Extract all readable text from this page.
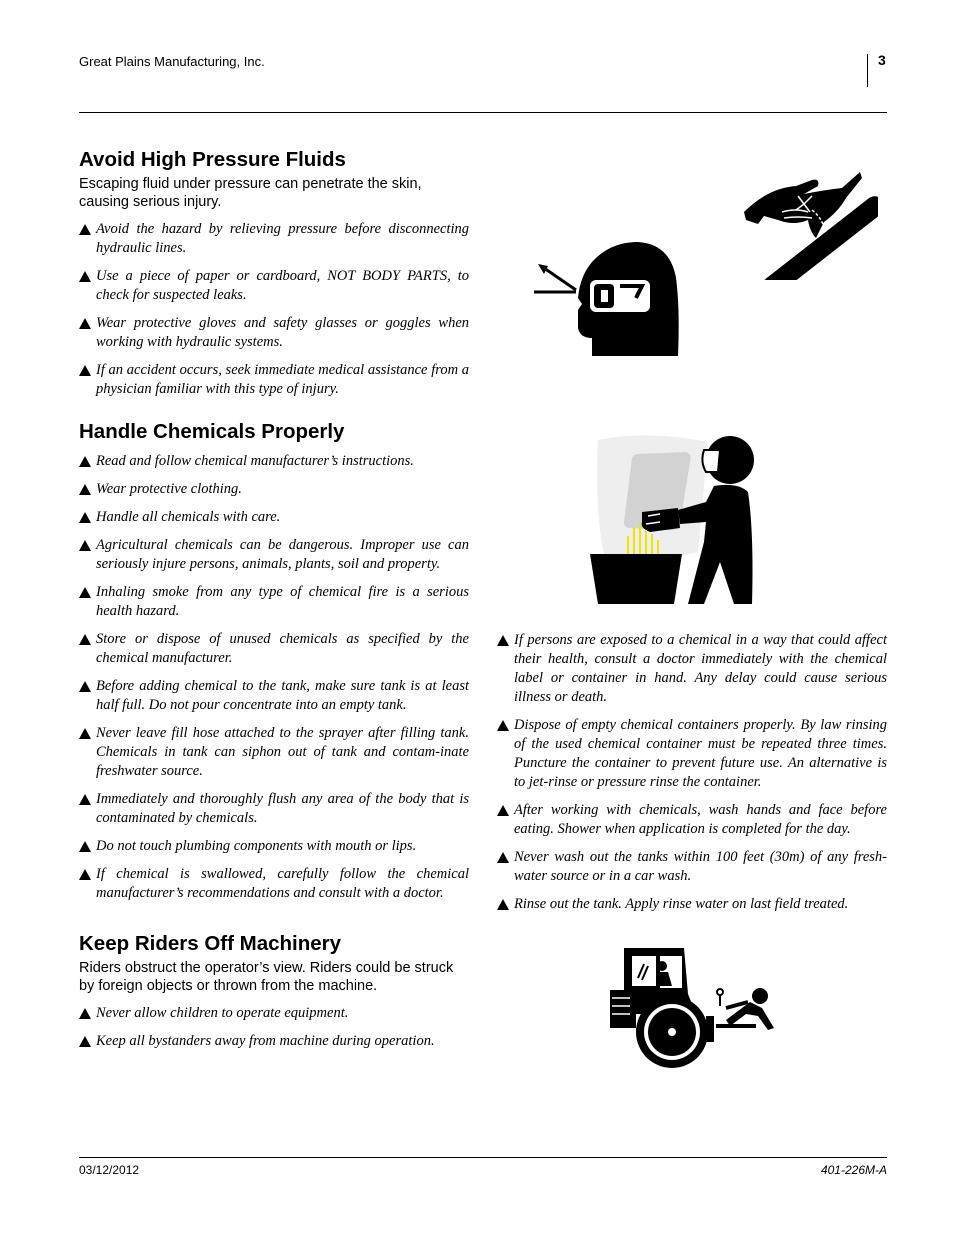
Great Plains Manufacturing, Inc.	3
Avoid High Pressure Fluids

Escaping fluid under pressure can penetrate the skin, causing serious injury.

Avoid the hazard by relieving pressure before disconnecting hydraulic lines.
Use a piece of paper or cardboard, NOT BODY PARTS, to check for suspected leaks.
Wear protective gloves and safety glasses or goggles when working with hydraulic systems.
If an accident occurs, seek immediate medical assistance from a physician familiar with this type of injury.
Handle Chemicals Properly
Read and follow chemical manufacturer’s instructions.
Wear protective clothing.
Handle all chemicals with care.
Agricultural chemicals can be dangerous. Improper use can seriously injure persons, animals, plants, soil and property.
Inhaling smoke from any type of chemical fire is a serious health hazard.
Store or dispose of unused chemicals as specified by the chemical manufacturer.
Before adding chemical to the tank, make sure tank is at least half full. Do not pour concentrate into an empty tank.
Never leave fill hose attached to the sprayer after filling tank. Chemicals in tank can siphon out of tank and contam-inate freshwater source.
Immediately and thoroughly flush any area of the body that is contaminated by chemicals.
Do not touch plumbing components with mouth or lips.
If chemical is swallowed, carefully follow the chemical manufacturer’s recommendations and consult with a doctor.
Keep Riders Off Machinery

Riders obstruct the operator’s view. Riders could be struck by foreign objects or thrown from the machine.

Never allow children to operate equipment.
Keep all bystanders away from machine during operation.
If persons are exposed to a chemical in a way that could affect their health, consult a doctor immediately with the chemical label or container in hand. Any delay could cause serious illness or death.
Dispose of empty chemical containers properly. By law rinsing of the used chemical container must be repeated three times. Puncture the container to prevent future use. An alternative is to jet-rinse or pressure rinse the container.
After working with chemicals, wash hands and face before eating. Shower when application is completed for the day.
Never wash out the tanks within 100 feet (30m) of any fresh-water source or in a car wash.
Rinse out the tank. Apply rinse water on last field treated.
03/12/2012	401-226M-A
